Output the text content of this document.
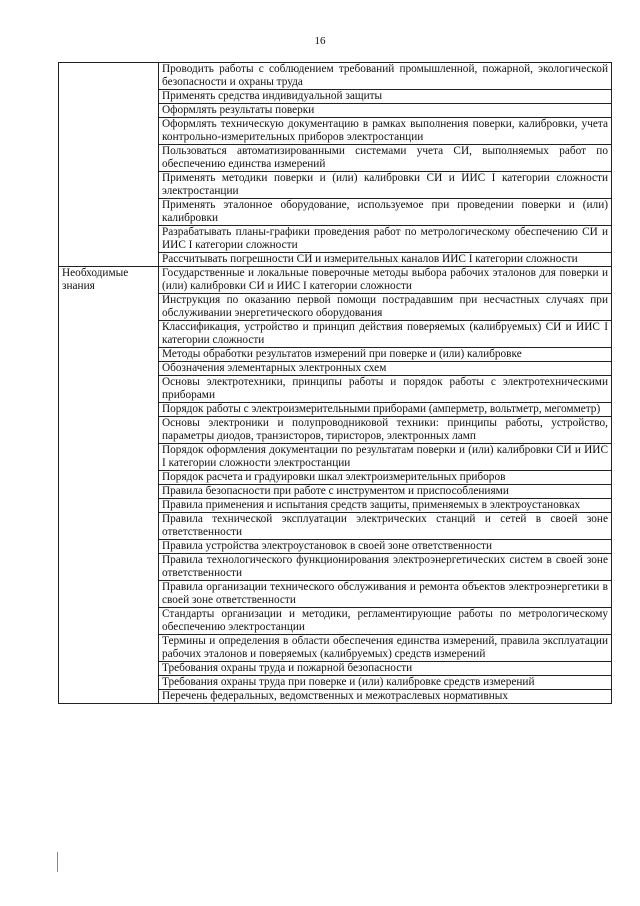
16
	Проводить работы с соблюдением требований промышленной, пожарной, экологической безопасности и охраны труда
	Применять средства индивидуальной защиты
	Оформлять результаты поверки
	Оформлять техническую документацию в рамках выполнения поверки, калибровки, учета контрольно-измерительных приборов электростанции
	Пользоваться автоматизированными системами учета СИ, выполняемых работ по обеспечению единства измерений
	Применять методики поверки и (или) калибровки СИ и ИИС I категории сложности электростанции
	Применять эталонное оборудование, используемое при проведении поверки и (или) калибровки
	Разрабатывать планы-графики проведения работ по метрологическому обеспечению СИ и ИИС I категории сложности
	Рассчитывать погрешности СИ и измерительных каналов ИИС I категории сложности
Необходимые знания	Государственные и локальные поверочные методы выбора рабочих эталонов для поверки и (или) калибровки СИ и ИИС I категории сложности
	Инструкция по оказанию первой помощи пострадавшим при несчастных случаях при обслуживании энергетического оборудования
	Классификация, устройство и принцип действия поверяемых (калибруемых) СИ и ИИС I категории сложности
	Методы обработки результатов измерений при поверке и (или) калибровке
	Обозначения элементарных электронных схем
	Основы электротехники, принципы работы и порядок работы с электротехническими приборами
	Порядок работы с электроизмерительными приборами (амперметр, вольтметр, мегомметр)
	Основы электроники и полупроводниковой техники: принципы работы, устройство, параметры диодов, транзисторов, тиристоров, электронных ламп
	Порядок оформления документации по результатам поверки и (или) калибровки СИ и ИИС I категории сложности электростанции
	Порядок расчета и градуировки шкал электроизмерительных приборов
	Правила безопасности при работе с инструментом и приспособлениями
	Правила применения и испытания средств защиты, применяемых в электроустановках
	Правила технической эксплуатации электрических станций и сетей в своей зоне ответственности
	Правила устройства электроустановок в своей зоне ответственности
	Правила технологического функционирования электроэнергетических систем в своей зоне ответственности
	Правила организации технического обслуживания и ремонта объектов электроэнергетики в своей зоне ответственности
	Стандарты организации и методики, регламентирующие работы по метрологическому обеспечению электростанции
	Термины и определения в области обеспечения единства измерений, правила эксплуатации рабочих эталонов и поверяемых (калибруемых) средств измерений
	Требования охраны труда и пожарной безопасности
	Требования охраны труда при поверке и (или) калибровке средств измерений
	Перечень федеральных, ведомственных и межотраслевых нормативных
